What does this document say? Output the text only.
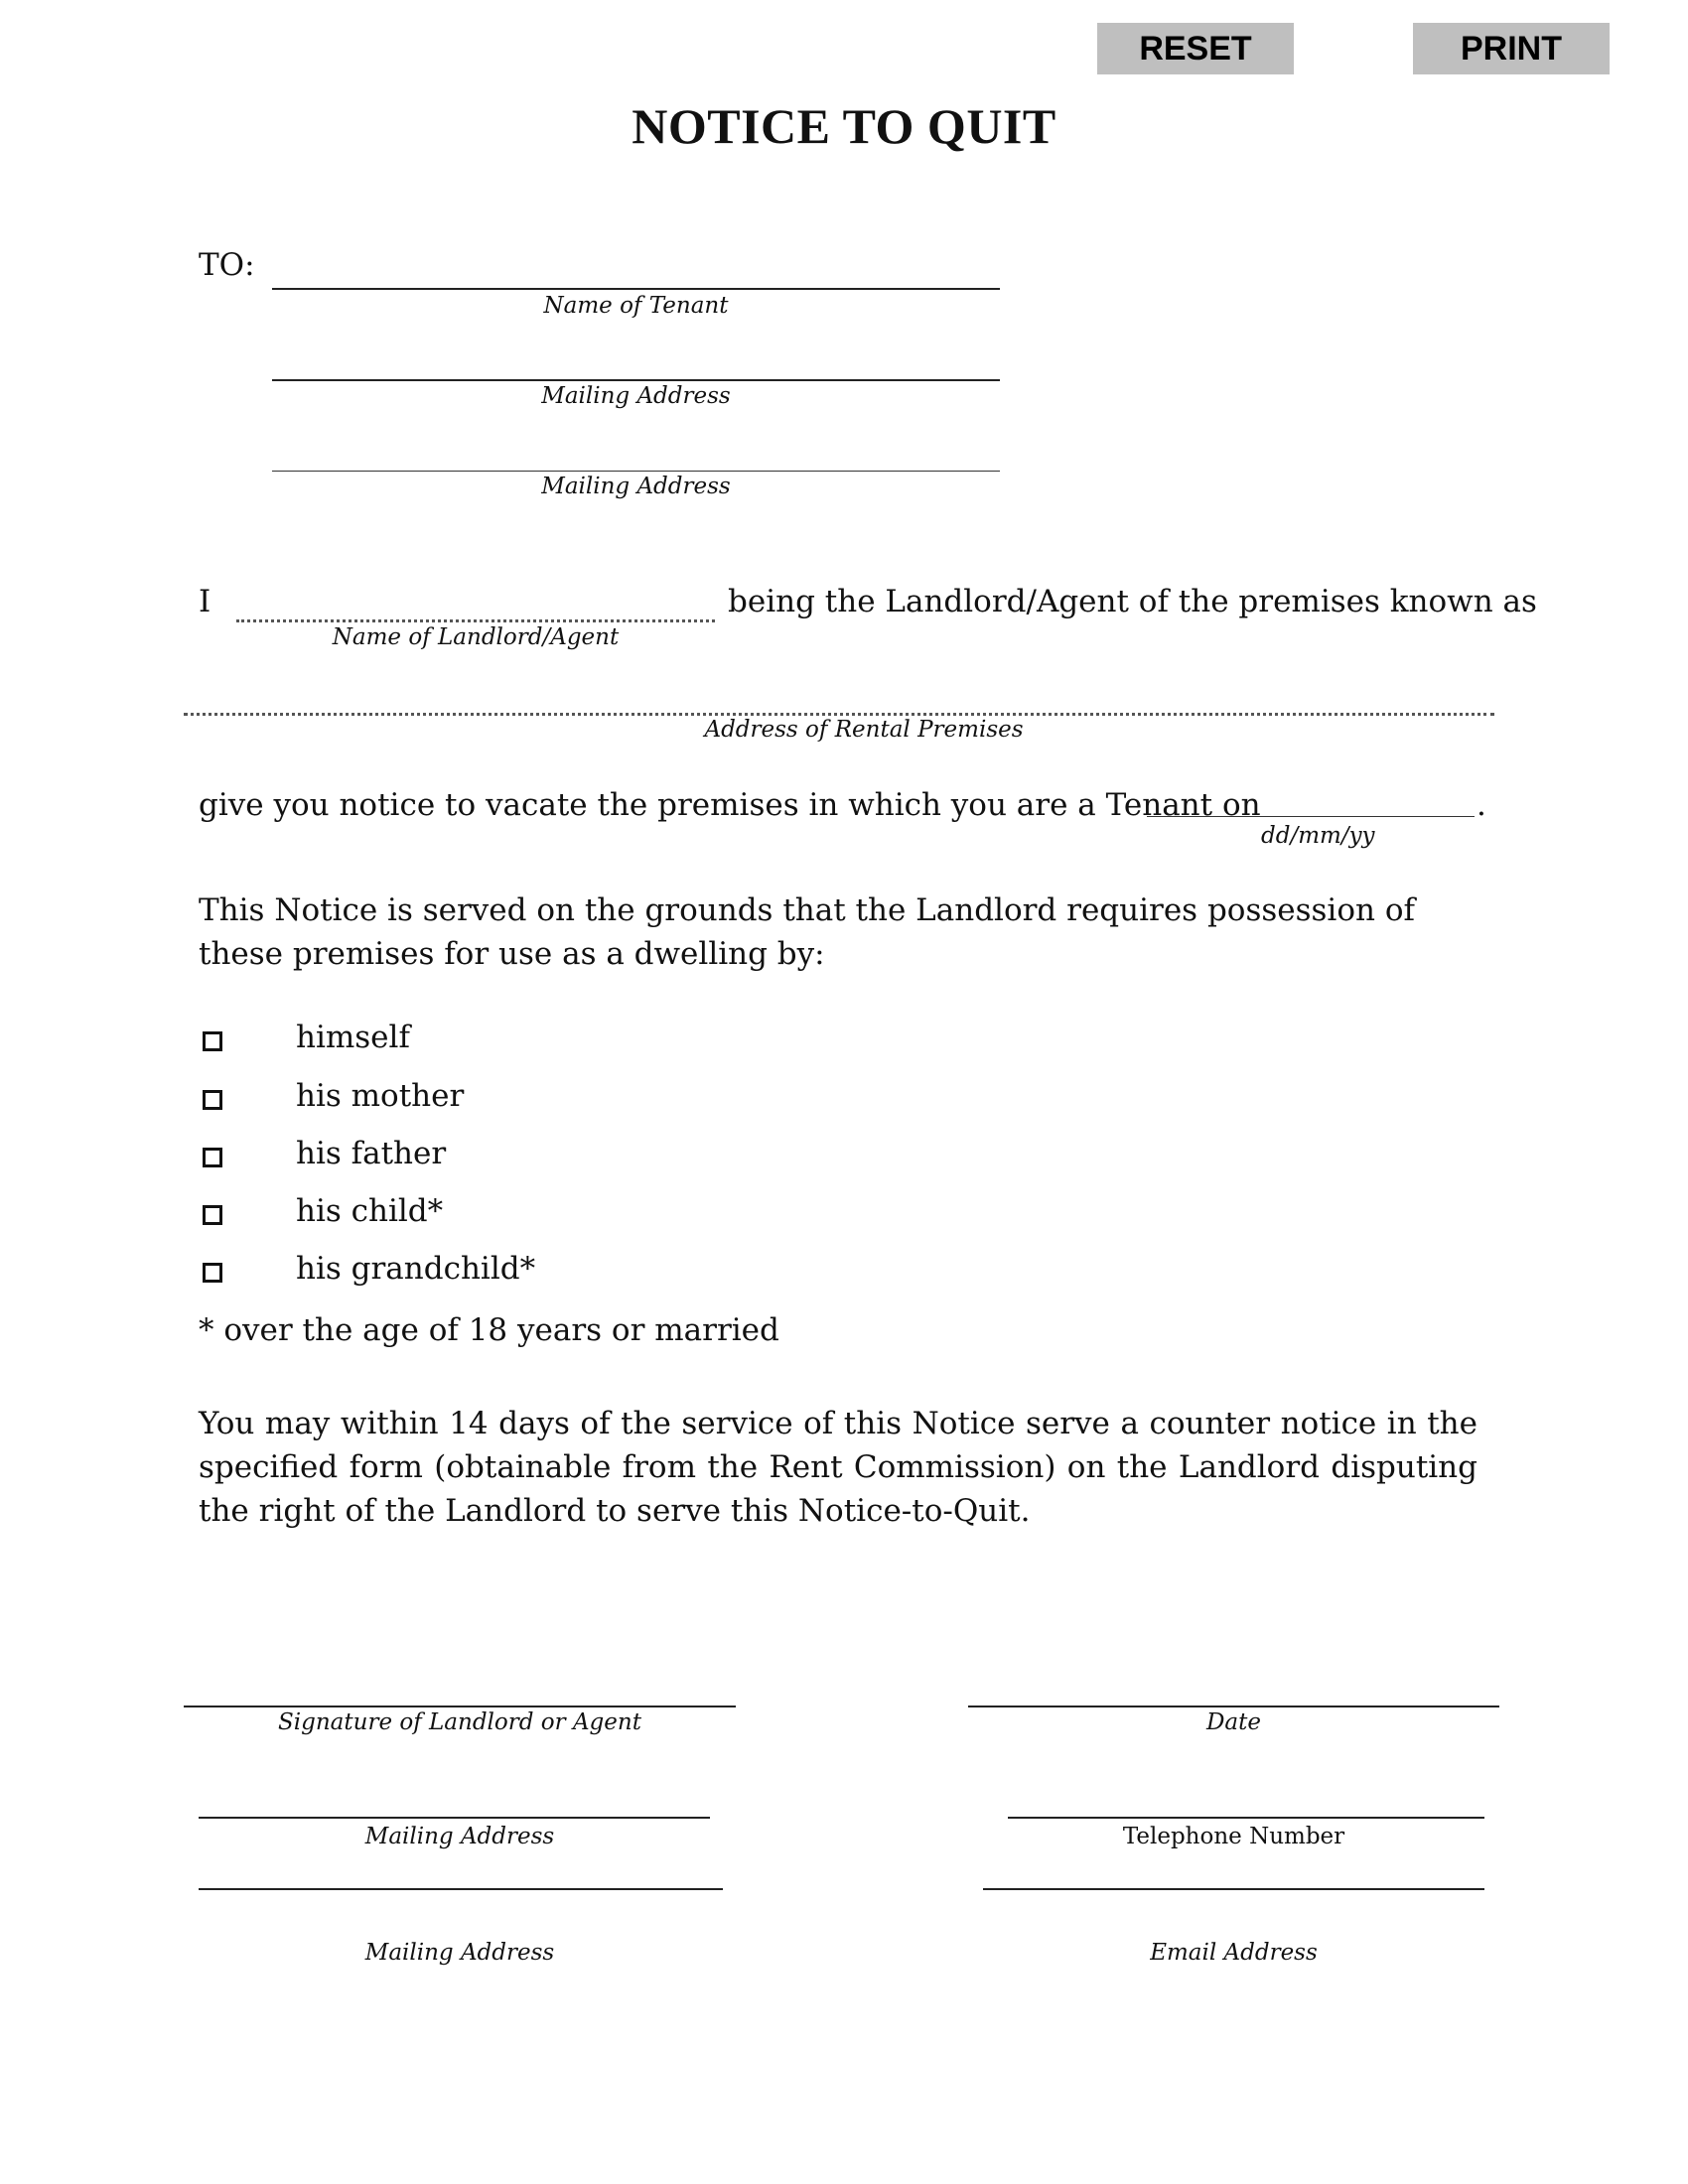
RESET	PRINT
NOTICE TO QUIT
TO:
Name of Tenant
Mailing Address
Mailing Address
I
Name of Landlord/Agent
being the Landlord/Agent of the premises known as
Address of Rental Premises
give you notice to vacate the premises in which you are a Tenant on	.
dd/mm/yy
This Notice is served on the grounds that the Landlord requires possession of these premises for use as a dwelling by:
himself
his mother
his father
his child*
his grandchild*
* over the age of 18 years or married
You may within 14 days of the service of this Notice serve a counter notice in the specified form (obtainable from the Rent Commission) on the Landlord disputing the right of the Landlord to serve this Notice-to-Quit.
Signature of Landlord or Agent	Date
Mailing Address	Telephone Number
Mailing Address	Email Address
